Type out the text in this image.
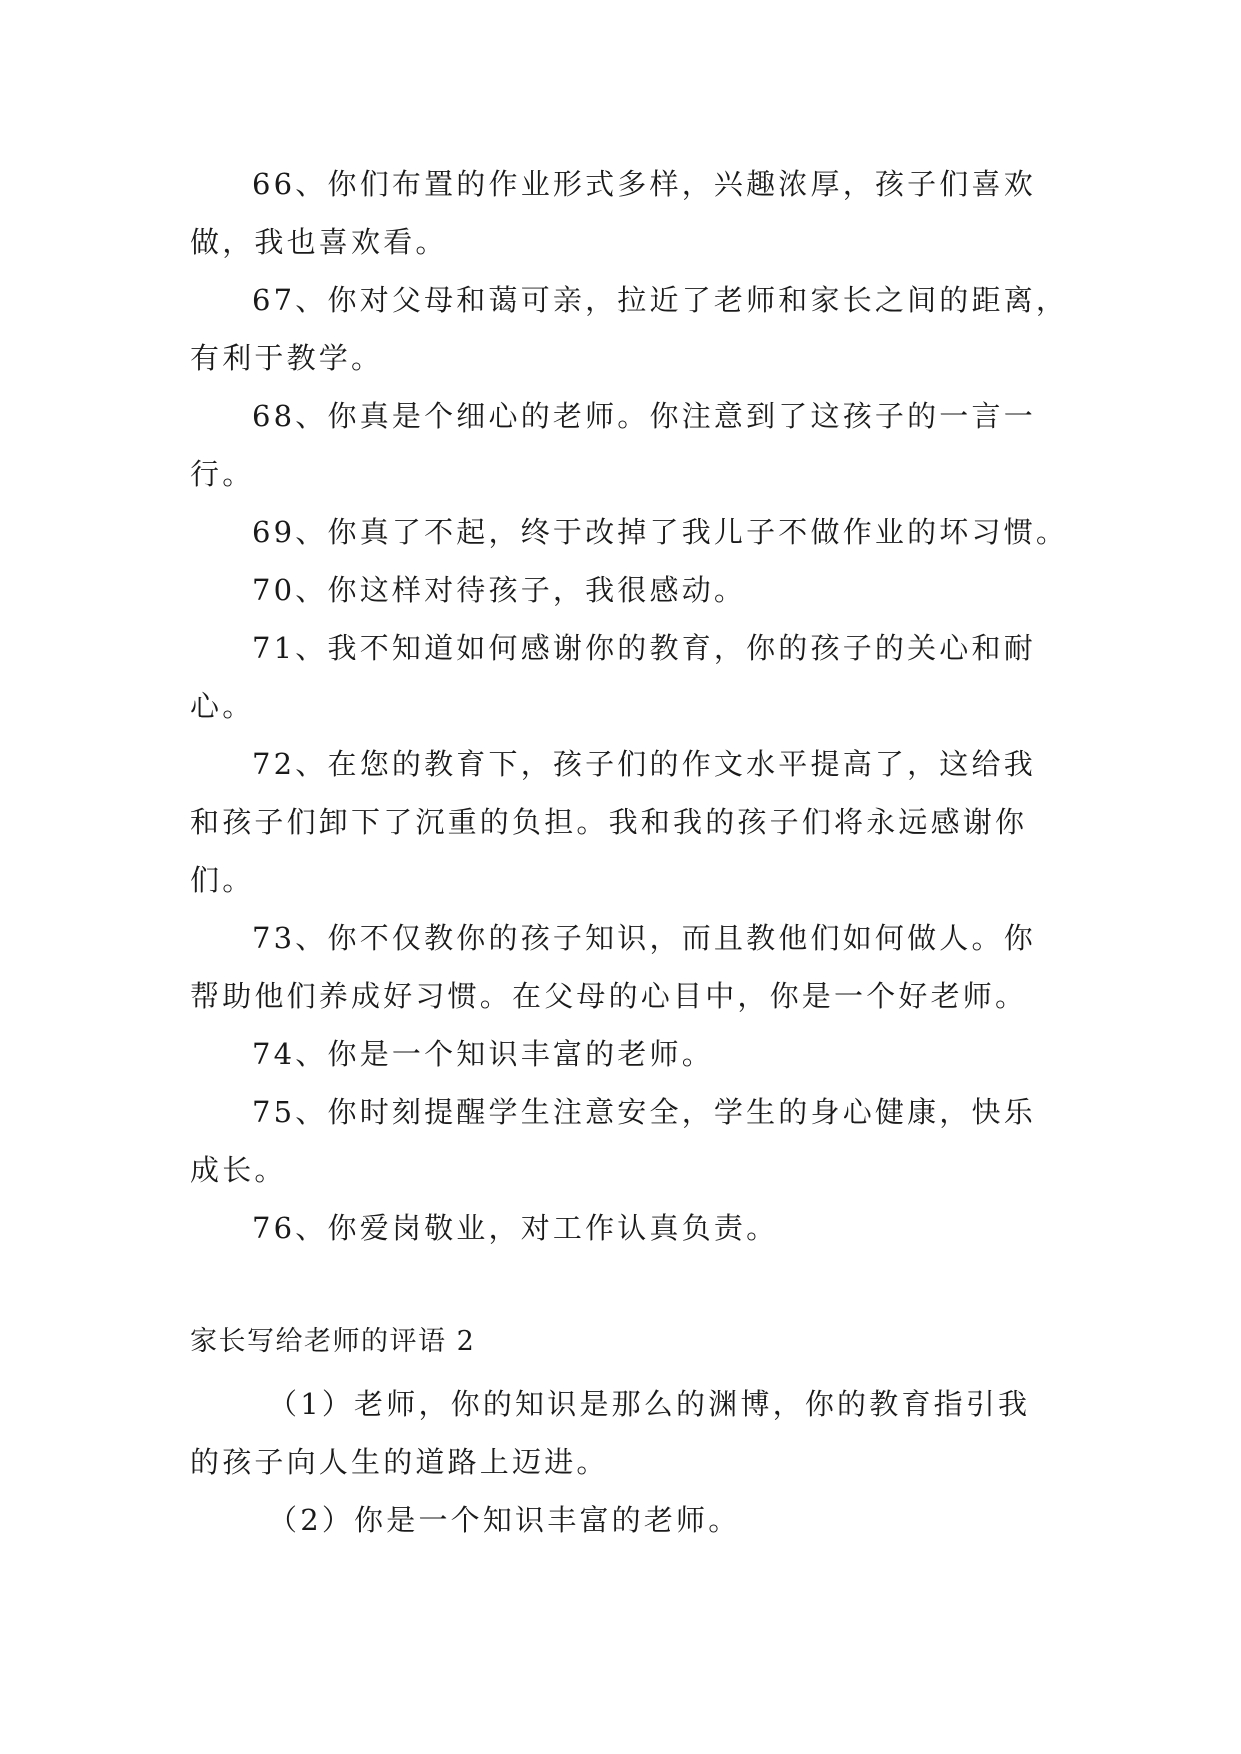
66、你们布置的作业形式多样，兴趣浓厚，孩子们喜欢

做，我也喜欢看。

67、你对父母和蔼可亲，拉近了老师和家长之间的距离，

有利于教学。

68、你真是个细心的老师。你注意到了这孩子的一言一

行。

69、你真了不起，终于改掉了我儿子不做作业的坏习惯。

70、你这样对待孩子，我很感动。

71、我不知道如何感谢你的教育，你的孩子的关心和耐

心。

72、在您的教育下，孩子们的作文水平提高了，这给我

和孩子们卸下了沉重的负担。我和我的孩子们将永远感谢你

们。

73、你不仅教你的孩子知识，而且教他们如何做人。你

帮助他们养成好习惯。在父母的心目中，你是一个好老师。

74、你是一个知识丰富的老师。

75、你时刻提醒学生注意安全，学生的身心健康，快乐

成长。

76、你爱岗敬业，对工作认真负责。

家长写给老师的评语 2

（1）老师，你的知识是那么的渊博，你的教育指引我

的孩子向人生的道路上迈进。

（2）你是一个知识丰富的老师。
